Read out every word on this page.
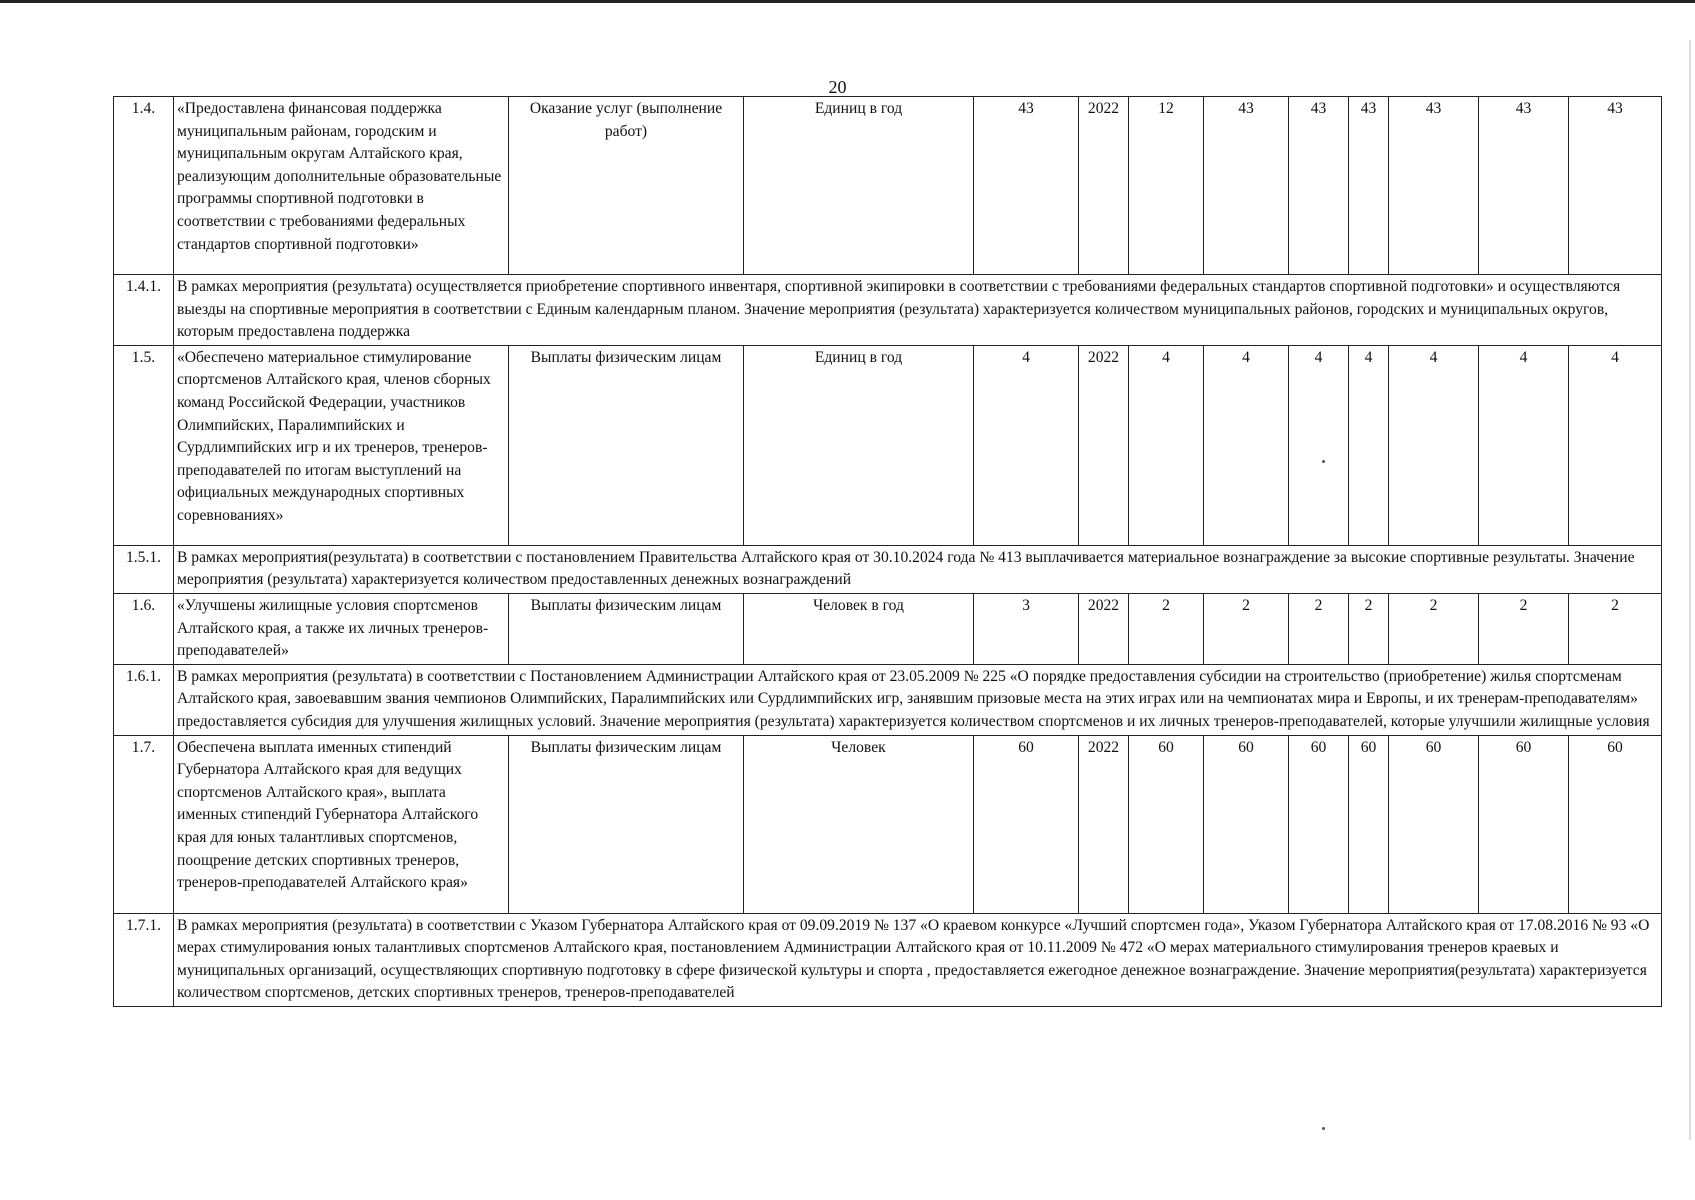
20
1.4.	«Предоставлена финансовая поддержка муниципальным районам, городским и муниципальным округам Алтайского края, реализующим дополнительные образовательные программы спортивной подготовки в соответствии с требованиями федеральных стандартов спортивной подготовки»	Оказание услуг (выполнение работ)	Единиц в год	43	2022	12	43	43	43	43	43	43
1.4.1.	В рамках мероприятия (результата) осуществляется приобретение спортивного инвентаря, спортивной экипировки в соответствии с требованиями федеральных стандартов спортивной подготовки» и осуществляются выезды на спортивные мероприятия в соответствии с Единым календарным планом. Значение мероприятия (результата) характеризуется количеством муниципальных районов, городских и муниципальных округов, которым предоставлена поддержка											
1.5.	«Обеспечено материальное стимулирование спортсменов Алтайского края, членов сборных команд Российской Федерации, участников Олимпийских, Паралимпийских и Сурдлимпийских игр и их тренеров, тренеров-преподавателей по итогам выступлений на официальных международных спортивных соревнованиях»	Выплаты физическим лицам	Единиц в год	4	2022	4	4	4	4	4	4	4
1.5.1.	В рамках мероприятия(результата) в соответствии с постановлением Правительства Алтайского края от 30.10.2024 года № 413 выплачивается материальное вознаграждение за высокие спортивные результаты. Значение мероприятия (результата) характеризуется количеством предоставленных денежных вознаграждений											
1.6.	«Улучшены жилищные условия спортсменов Алтайского края, а также их личных тренеров-преподавателей»	Выплаты физическим лицам	Человек в год	3	2022	2	2	2	2	2	2	2
1.6.1.	В рамках мероприятия (результата) в соответствии с Постановлением Администрации Алтайского края от 23.05.2009 № 225 «О порядке предоставления субсидии на строительство (приобретение) жилья спортсменам Алтайского края, завоевавшим звания чемпионов Олимпийских, Паралимпийских или Сурдлимпийских игр, занявшим призовые места на этих играх или на чемпионатах мира и Европы, и их тренерам-преподавателям» предоставляется субсидия для улучшения жилищных условий. Значение мероприятия (результата) характеризуется количеством спортсменов и их личных тренеров-преподавателей, которые улучшили жилищные условия											
1.7.	Обеспечена выплата именных стипендий Губернатора Алтайского края для ведущих спортсменов Алтайского края», выплата именных стипендий Губернатора Алтайского края для юных талантливых спортсменов, поощрение детских спортивных тренеров, тренеров-преподавателей Алтайского края»	Выплаты физическим лицам	Человек	60	2022	60	60	60	60	60	60	60
1.7.1.	В рамках мероприятия (результата) в соответствии с Указом Губернатора Алтайского края от 09.09.2019 № 137 «О краевом конкурсе «Лучший спортсмен года», Указом Губернатора Алтайского края от 17.08.2016 № 93 «О мерах стимулирования юных талантливых спортсменов Алтайского края, постановлением Администрации Алтайского края от 10.11.2009 № 472 «О мерах материального стимулирования тренеров краевых и муниципальных организаций, осуществляющих спортивную подготовку в сфере физической культуры и спорта , предоставляется ежегодное денежное вознаграждение. Значение мероприятия(результата) характеризуется количеством спортсменов, детских спортивных тренеров, тренеров-преподавателей											
